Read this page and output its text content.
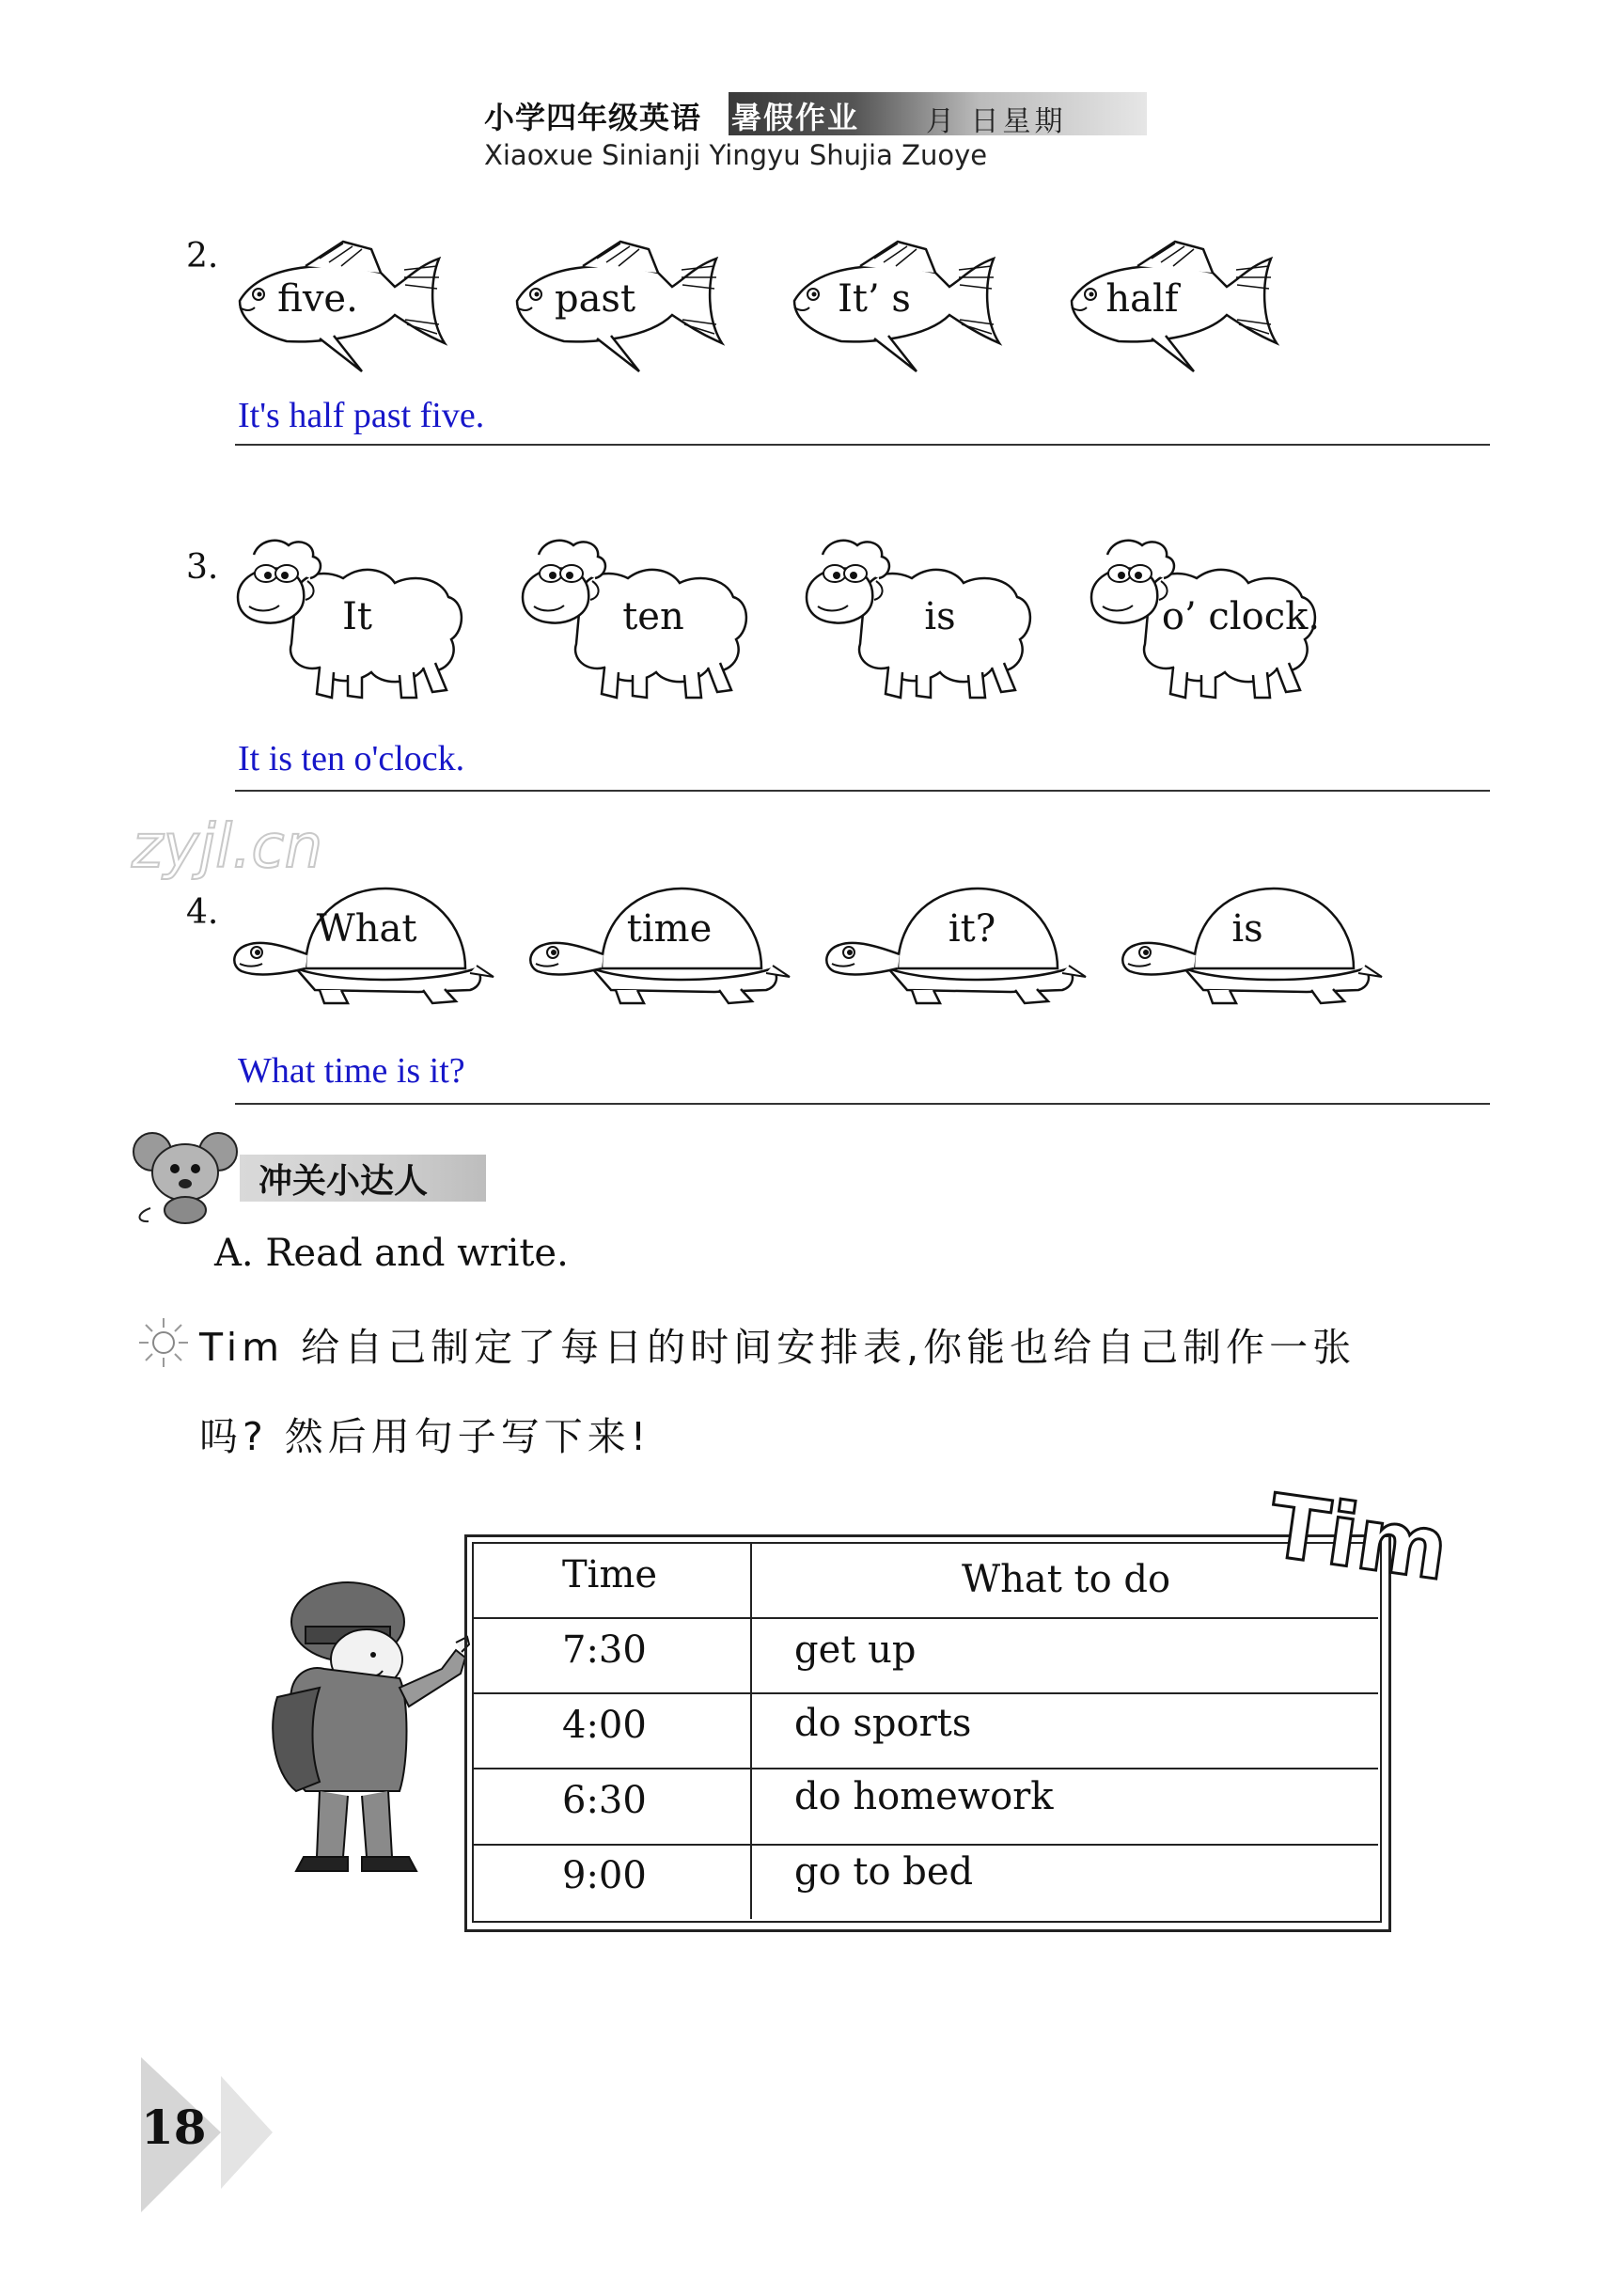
小学四年级英语 暑假作业 月 日星期
Xiaoxue Sinianji Yingyu Shujia Zuoye
2.
five.	past	It’ s	half
It's half past five.
3.
It	ten	is	o’ clock.
It is ten o'clock.
zyjl.cn
4.	What	time	it?	is
What time is it?
冲关小达人
A. Read and write.
Tim 给自己制定了每日的时间安排表,你能也给自己制作一张
吗? 然后用句子写下来!
Time	What to do
7:30	get up
4:00	do sports
6:30	do homework
9:00	go to bed
Tim
18
